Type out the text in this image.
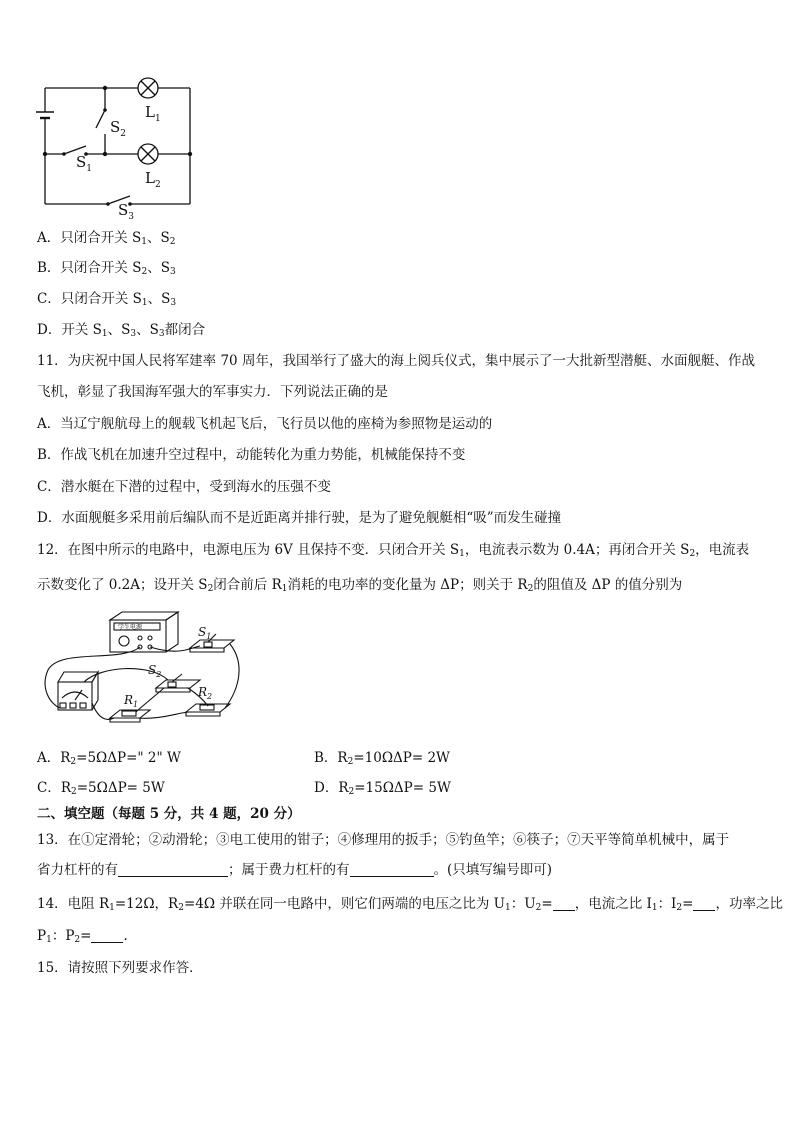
$L_1$
$S_2$
$S_1$	$L_2$
$S_3$
A．只闭合开关 $S_1$、$S_2$
B．只闭合开关 $S_2$、$S_3$
C．只闭合开关 $S_1$、$S_3$
D．开关 $S_1$、$S_3$、$S_3$都闭合
11．为庆祝中国人民将军建率 70 周年，我国举行了盛大的海上阅兵仪式，集中展示了一大批新型潜艇、水面舰艇、作战飞机，彰显了我国海军强大的军事实力．下列说法正确的是
A．当辽宁舰航母上的舰载飞机起飞后，飞行员以他的座椅为参照物是运动的
B．作战飞机在加速升空过程中，动能转化为重力势能，机械能保持不变
C．潜水艇在下潜的过程中，受到海水的压强不变
D．水面舰艇多采用前后编队而不是近距离并排行驶，是为了避免舰艇相“吸”而发生碰撞
12．在图中所示的电路中，电源电压为 6V 且保持不变．只闭合开关 $S_1$，电流表示数为 0.4A；再闭合开关 $S_2$，电流表示数变化了 0.2A；设开关 $S_2$闭合前后 $R_1$消耗的电功率的变化量为 ΔP；则关于 $R_2$的阻值及 ΔP 的值分别为
$S_1$
$S_2$
$R_1$
$R_2$
学生电源
A．$R_2=5\Omega\Delta P=$" 2" W	B．$R_2=10\Omega\Delta P= 2W$
C．$R_2=5\Omega\Delta P= 5W$	D．$R_2=15\Omega\Delta P= 5W$
二、填空题（每题 5 分，共 4 题，20 分）
13．在①定滑轮；②动滑轮；③电工使用的钳子；④修理用的扳手；⑤钓鱼竿；⑥筷子；⑦天平等简单机械中，属于
省力杠杆的有	；属于费力杠杆的有	。(只填写编号即可)
14．电阻 $R_1=12\Omega$，$R_2=4\Omega$ 并联在同一电路中，则它们两端的电压之比为 $U_1$：$U_2=$ ，电流之比 $I_1$：$I_2=$ ，功率之比
$P_1$：$P_2=$ .
15．请按照下列要求作答．
